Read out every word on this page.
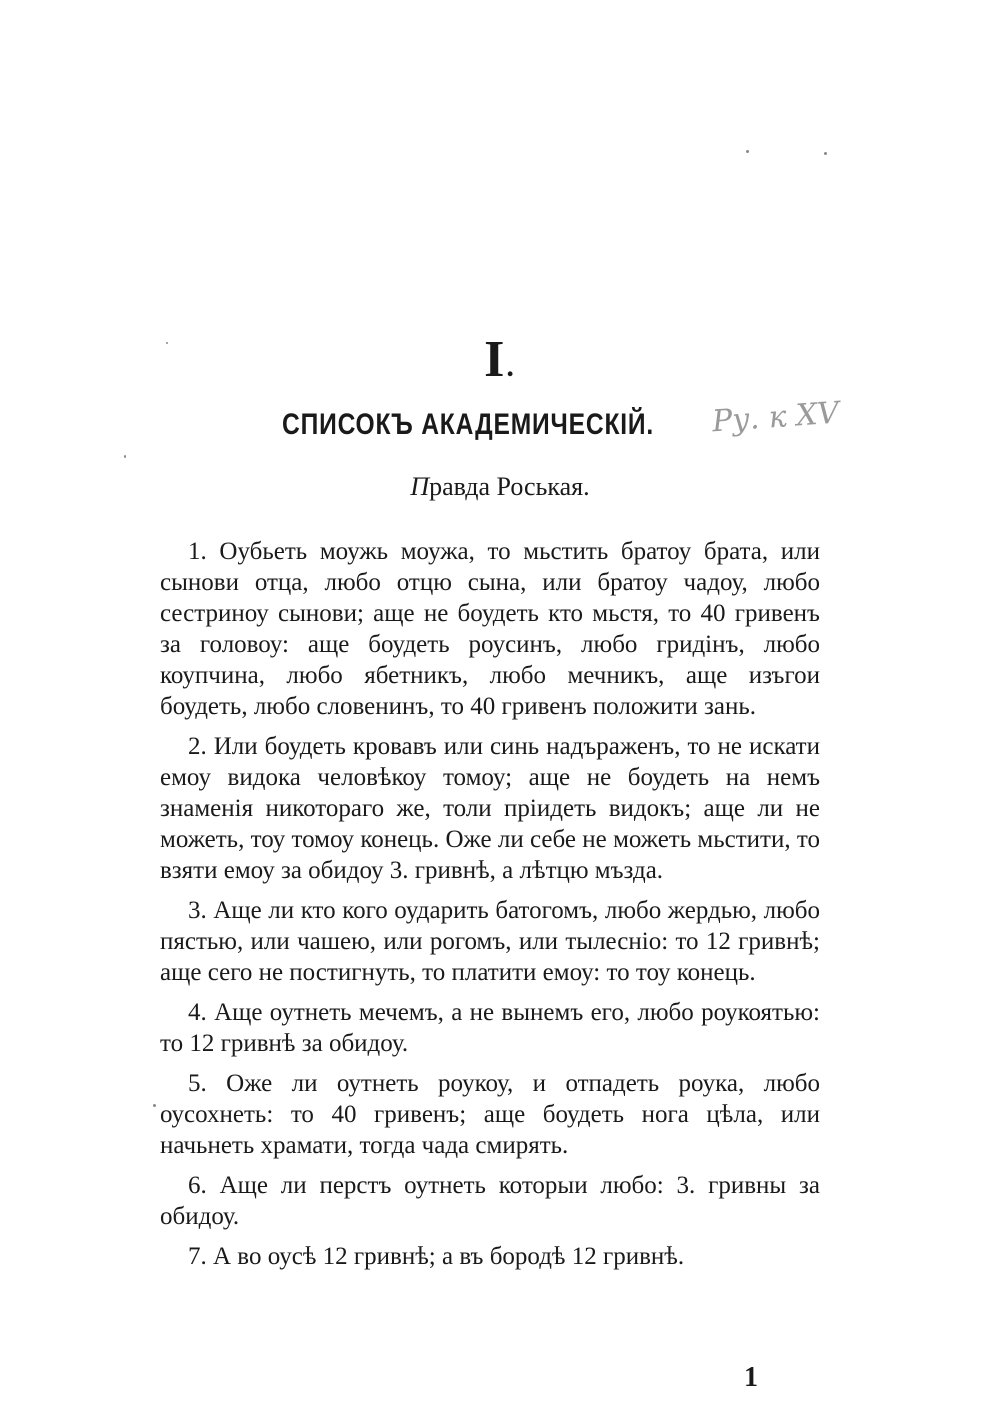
I.
СПИСОКЪ АКАДЕМИЧЕСКІЙ. Ру. к XV
Правда Роськая.

1. Оубьеть моужь моужа, то мьстить братоу брата, или сынови отца, любо отцю сына, или братоу чадоу, любо сестриноу сынови; аще не боудеть кто мьстя, то 40 гривенъ за головоу: аще боудеть роусинъ, любо гридінъ, любо коупчина, любо ябетникъ, любо мечникъ, аще изъгои боудеть, любо словенинъ, то 40 гривенъ положити зань.

2. Или боудеть кровавъ или синь надъраженъ, то не искати емоу видока человѣкоу томоу; аще не боудеть на немъ знаменія никотораго же, толи пріидеть видокъ; аще ли не можеть, тоу томоу конець. Оже ли себе не можеть мьстити, то взяти емоу за обидоу 3. гривнѣ, а лѣтцю мъзда.

3. Аще ли кто кого оударить батогомъ, любо жердью, любо пястью, или чашею, или рогомъ, или тылесніо: то 12 гривнѣ; аще сего не постигнуть, то платити емоу: то тоу конець.

4. Аще оутнеть мечемъ, а не вынемъ его, любо роукоятью: то 12 гривнѣ за обидоу.

5. Оже ли оутнеть роукоу, и отпадеть роука, любо оусохнеть: то 40 гривенъ; аще боудеть нога цѣла, или начьнеть храмати, тогда чада смирять.

6. Аще ли перстъ оутнеть которыи любо: 3. гривны за обидоу.

7. А во оусѣ 12 гривнѣ; а въ бородѣ 12 гривнѣ.

1
